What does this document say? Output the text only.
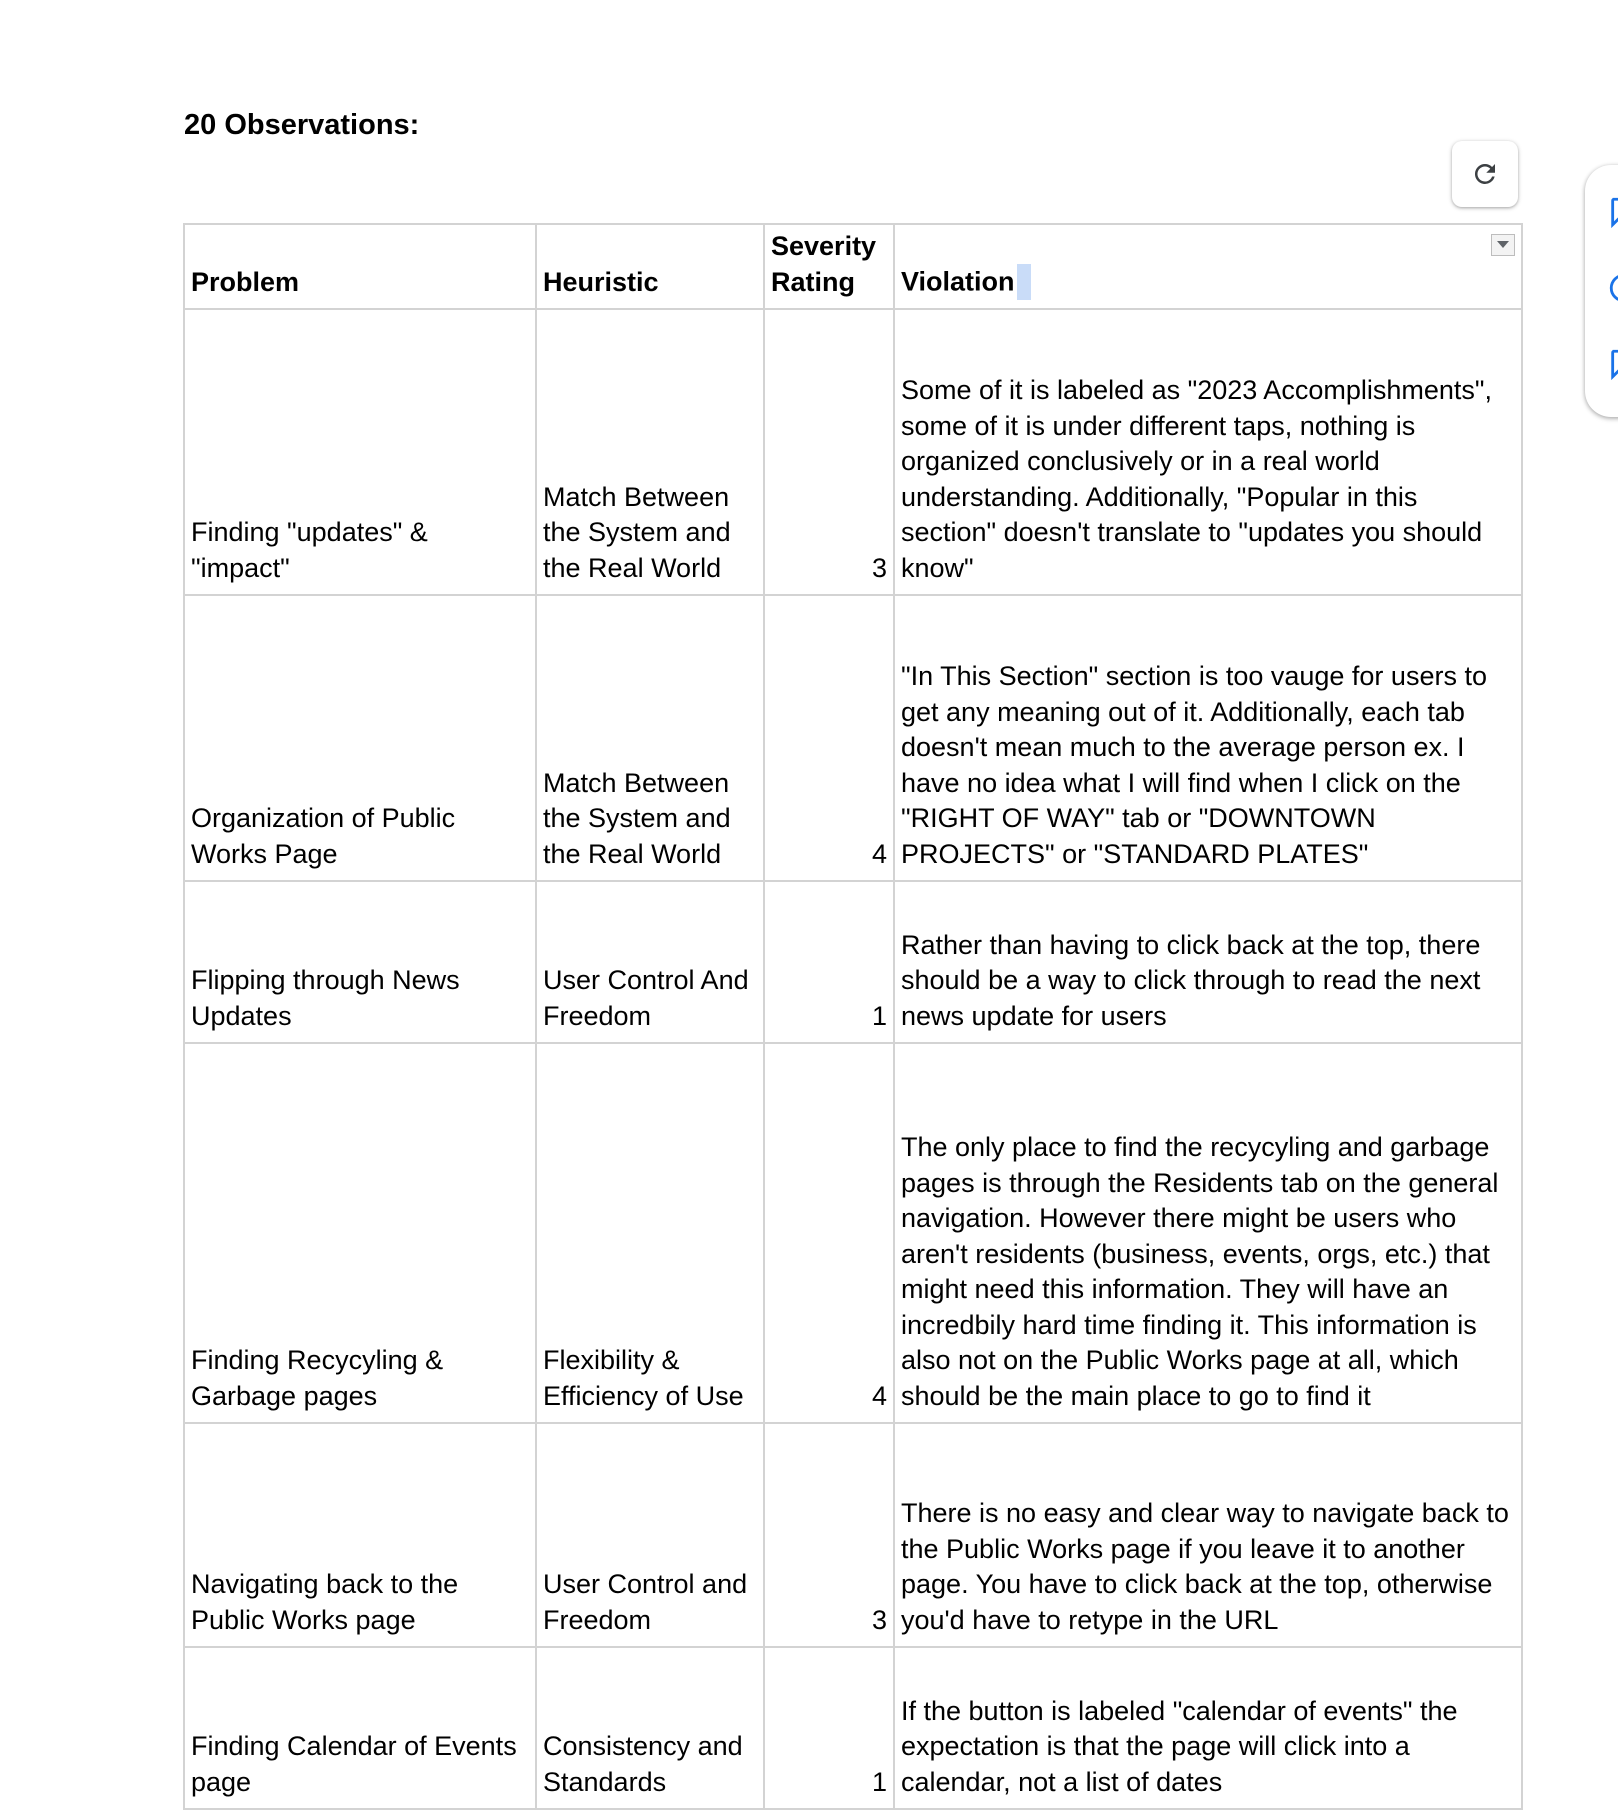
20 Observations:
Problem	Heuristic	Severity Rating	Violation

Finding "updates" & "impact"	Match Between the System and the Real World	3	Some of it is labeled as "2023 Accomplishments", some of it is under different taps, nothing is organized conclusively or in a real world understanding. Additionally, "Popular in this section" doesn't translate to "updates you should know"

Organization of Public Works Page	Match Between the System and the Real World	4	"In This Section" section is too vauge for users to get any meaning out of it. Additionally, each tab doesn't mean much to the average person ex. I have no idea what I will find when I click on the "RIGHT OF WAY" tab or "DOWNTOWN PROJECTS" or "STANDARD PLATES"

Flipping through News Updates	User Control And Freedom	1	Rather than having to click back at the top, there should be a way to click through to read the next news update for users

Finding Recycyling & Garbage pages	Flexibility & Efficiency of Use	4	The only place to find the recycyling and garbage pages is through the Residents tab on the general navigation. However there might be users who aren't residents (business, events, orgs, etc.) that might need this information. They will have an incredbily hard time finding it. This information is also not on the Public Works page at all, which should be the main place to go to find it

Navigating back to the Public Works page	User Control and Freedom	3	There is no easy and clear way to navigate back to the Public Works page if you leave it to another page. You have to click back at the top, otherwise you'd have to retype in the URL

Finding Calendar of Events page	Consistency and Standards	1	If the button is labeled "calendar of events" the expectation is that the page will click into a calendar, not a list of dates
